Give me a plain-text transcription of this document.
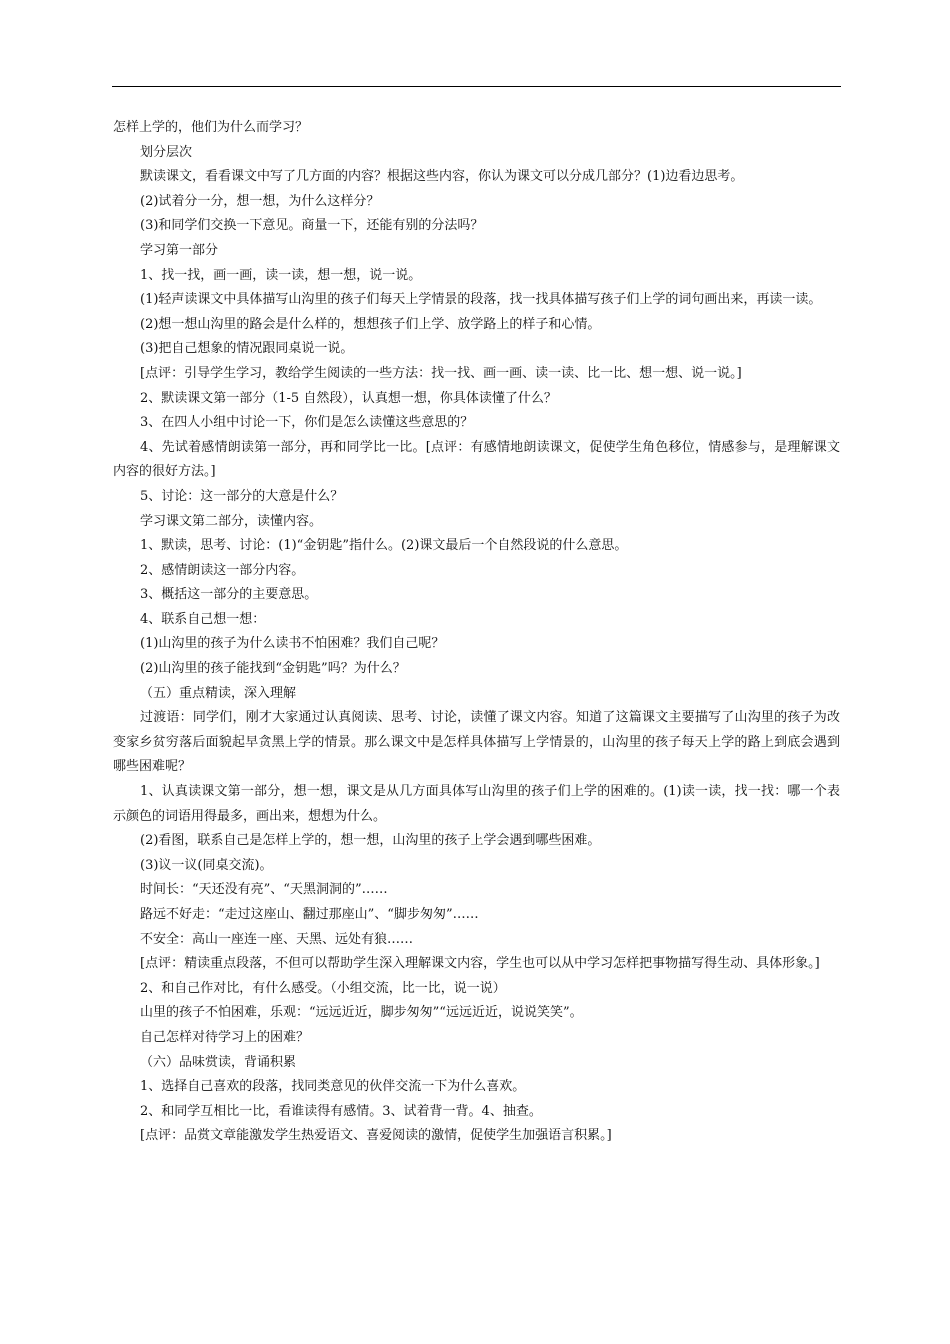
怎样上学的，他们为什么而学习？

划分层次

默读课文，看看课文中写了几方面的内容？根据这些内容，你认为课文可以分成几部分？(1)边看边思考。

(2)试着分一分，想一想，为什么这样分？

(3)和同学们交换一下意见。商量一下，还能有别的分法吗？

学习第一部分

1、找一找，画一画，读一读，想一想，说一说。

(1)轻声读课文中具体描写山沟里的孩子们每天上学情景的段落，找一找具体描写孩子们上学的词句画出来，再读一读。

(2)想一想山沟里的路会是什么样的，想想孩子们上学、放学路上的样子和心情。

(3)把自己想象的情况跟同桌说一说。

[点评：引导学生学习，教给学生阅读的一些方法：找一找、画一画、读一读、比一比、想一想、说一说。]

2、默读课文第一部分（1-5 自然段），认真想一想，你具体读懂了什么？

3、在四人小组中讨论一下，你们是怎么读懂这些意思的？

4、先试着感情朗读第一部分，再和同学比一比。[点评：有感情地朗读课文，促使学生角色移位，情感参与，是理解课文内容的很好方法。]

5、讨论：这一部分的大意是什么？

学习课文第二部分，读懂内容。

1、默读，思考、讨论：(1)“金钥匙”指什么。(2)课文最后一个自然段说的什么意思。

2、感情朗读这一部分内容。

3、概括这一部分的主要意思。

4、联系自己想一想：

(1)山沟里的孩子为什么读书不怕困难？我们自己呢？

(2)山沟里的孩子能找到“金钥匙”吗？为什么？

（五）重点精读，深入理解

过渡语：同学们，刚才大家通过认真阅读、思考、讨论，读懂了课文内容。知道了这篇课文主要描写了山沟里的孩子为改变家乡贫穷落后面貌起早贪黑上学的情景。那么课文中是怎样具体描写上学情景的，山沟里的孩子每天上学的路上到底会遇到哪些困难呢？

1、认真读课文第一部分，想一想，课文是从几方面具体写山沟里的孩子们上学的困难的。(1)读一读，找一找：哪一个表示颜色的词语用得最多，画出来，想想为什么。

(2)看图，联系自己是怎样上学的，想一想，山沟里的孩子上学会遇到哪些困难。

(3)议一议(同桌交流)。

时间长：“天还没有亮”、“天黑洞洞的”……

路远不好走：“走过这座山、翻过那座山”、“脚步匆匆”……

不安全：高山一座连一座、天黑、远处有狼……

[点评：精读重点段落，不但可以帮助学生深入理解课文内容，学生也可以从中学习怎样把事物描写得生动、具体形象。]

2、和自己作对比，有什么感受。（小组交流，比一比，说一说）

山里的孩子不怕困难，乐观：“远远近近，脚步匆匆”“远远近近，说说笑笑”。

自己怎样对待学习上的困难？

（六）品味赏读，背诵积累

1、选择自己喜欢的段落，找同类意见的伙伴交流一下为什么喜欢。

2、和同学互相比一比，看谁读得有感情。3、试着背一背。4、抽查。

[点评：品赏文章能激发学生热爱语文、喜爱阅读的激情，促使学生加强语言积累。]
